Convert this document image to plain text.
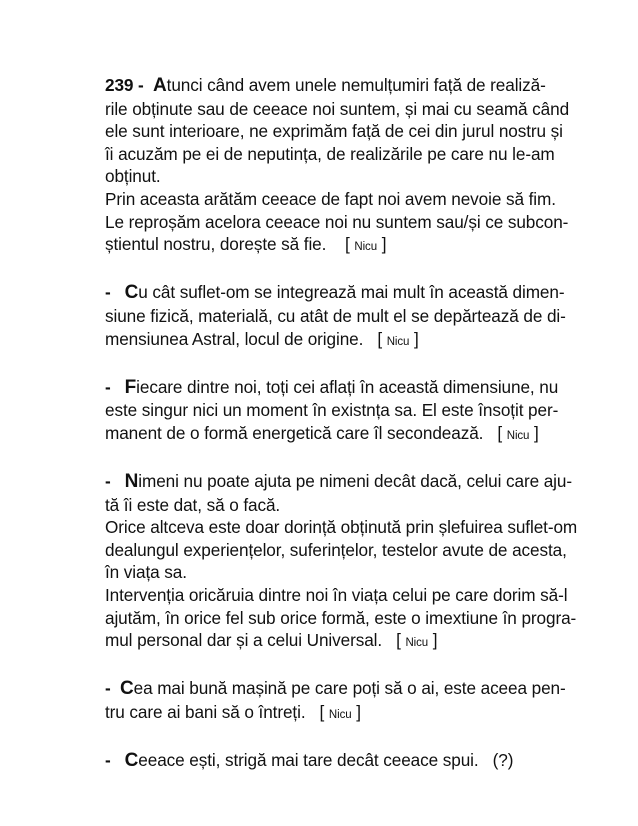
239 - Atunci când avem unele nemulțumiri față de realiză-
rile obținute sau de ceeace noi suntem, și mai cu seamă când
ele sunt interioare, ne exprimăm față de cei din jurul nostru și
îi acuzăm pe ei de neputința, de realizările pe care nu le-am
obținut.
Prin aceasta arătăm ceeace de fapt noi avem nevoie să fim.
Le reproșăm acelora ceeace noi nu suntem sau/și ce subcon-
știentul nostru, dorește să fie. [ Nicu ]
- Cu cât suflet-om se integrează mai mult în această dimen-
siune fizică, materială, cu atât de mult el se depărtează de di-
mensiunea Astral, locul de origine. [ Nicu ]
- Fiecare dintre noi, toți cei aflați în această dimensiune, nu
este singur nici un moment în existnța sa. El este însoțit per-
manent de o formă energetică care îl secondează. [ Nicu ]
- Nimeni nu poate ajuta pe nimeni decât dacă, celui care aju-
tă îi este dat, să o facă.
Orice altceva este doar dorință obținută prin șlefuirea suflet-om
dealungul experiențelor, suferințelor, testelor avute de acesta,
în viața sa.
Intervenția oricăruia dintre noi în viața celui pe care dorim să-l
ajutăm, în orice fel sub orice formă, este o imextiune în progra-
mul personal dar și a celui Universal. [ Nicu ]
- Cea mai bună mașină pe care poți să o ai, este aceea pen-
tru care ai bani să o întreți. [ Nicu ]
- Ceeace ești, strigă mai tare decât ceeace spui. (?)
